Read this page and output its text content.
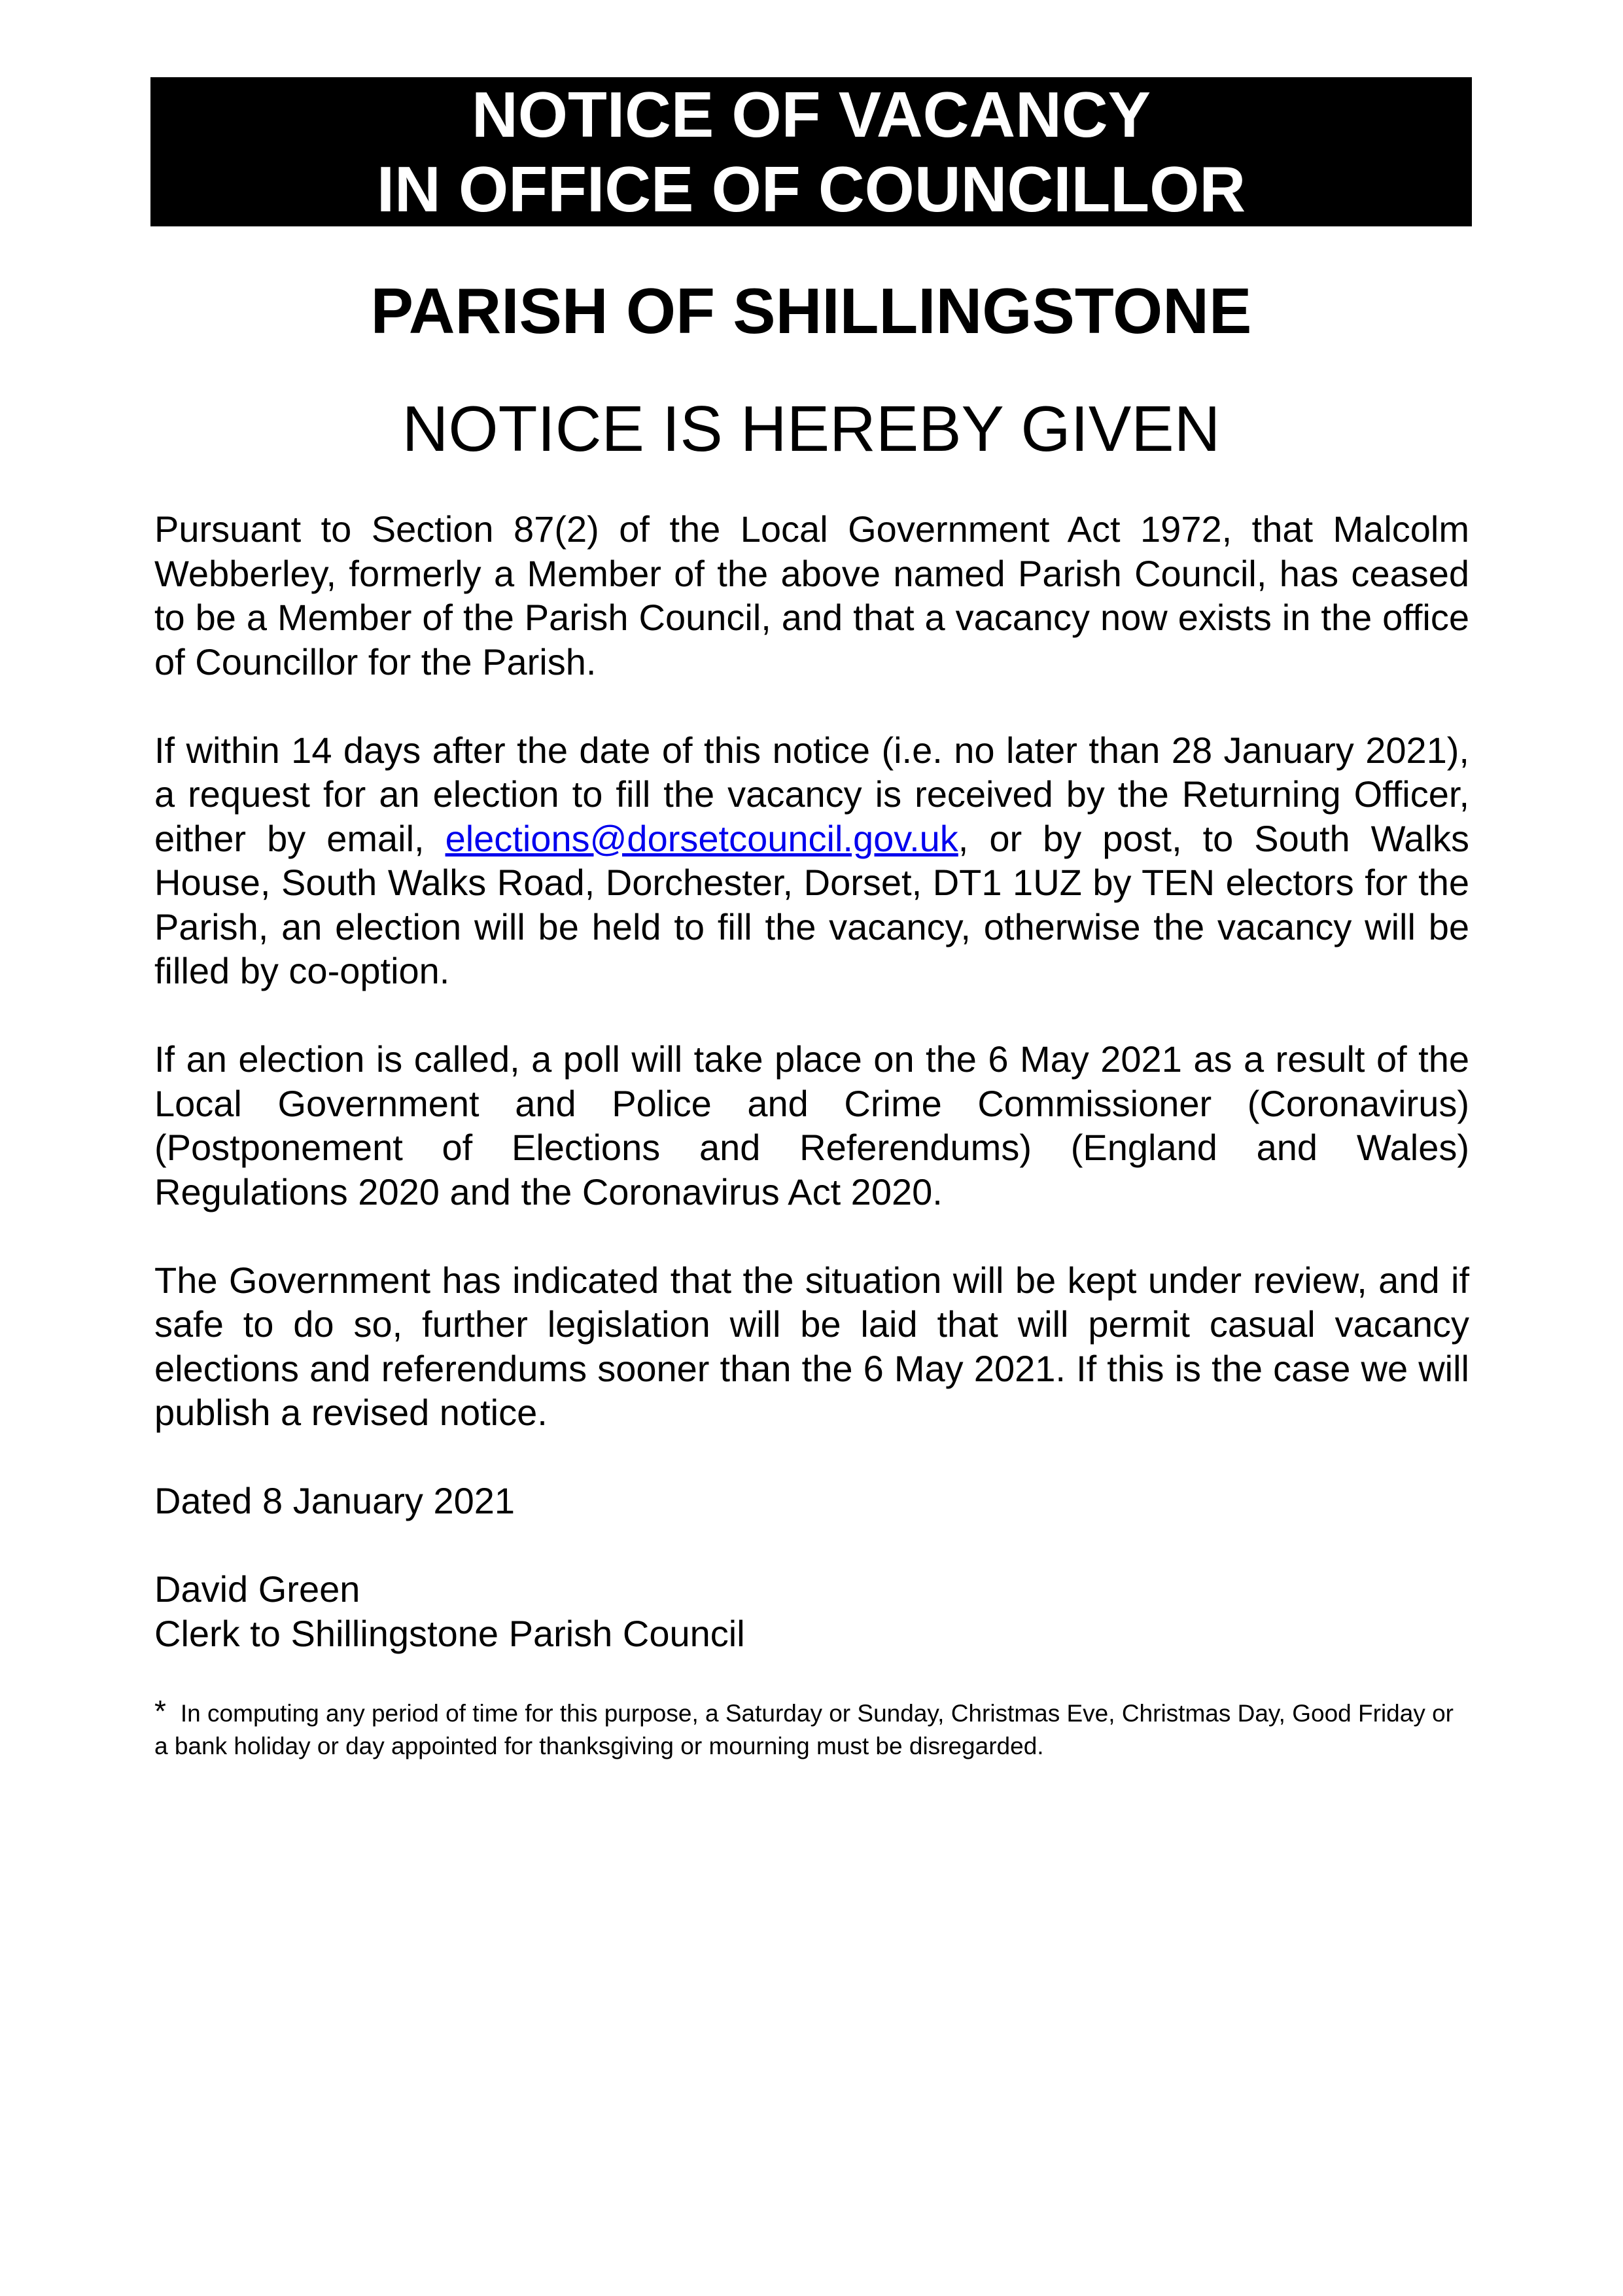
NOTICE OF VACANCY
IN OFFICE OF COUNCILLOR
PARISH OF SHILLINGSTONE
NOTICE IS HEREBY GIVEN

Pursuant to Section 87(2) of the Local Government Act 1972, that Malcolm Webberley, formerly a Member of the above named Parish Council, has ceased to be a Member of the Parish Council, and that a vacancy now exists in the office of Councillor for the Parish.

If within 14 days after the date of this notice (i.e. no later than 28 January 2021), a request for an election to fill the vacancy is received by the Returning Officer, either by email, elections@dorsetcouncil.gov.uk, or by post, to South Walks House, South Walks Road, Dorchester, Dorset, DT1 1UZ by TEN electors for the Parish, an election will be held to fill the vacancy, otherwise the vacancy will be filled by co-option.

If an election is called, a poll will take place on the 6 May 2021 as a result of the Local Government and Police and Crime Commissioner (Coronavirus) (Postponement of Elections and Referendums) (England and Wales) Regulations 2020 and the Coronavirus Act 2020.

The Government has indicated that the situation will be kept under review, and if safe to do so, further legislation will be laid that will permit casual vacancy elections and referendums sooner than the 6 May 2021. If this is the case we will publish a revised notice.

Dated 8 January 2021

David Green
Clerk to Shillingstone Parish Council
* In computing any period of time for this purpose, a Saturday or Sunday, Christmas Eve, Christmas Day, Good Friday or a bank holiday or day appointed for thanksgiving or mourning must be disregarded.
